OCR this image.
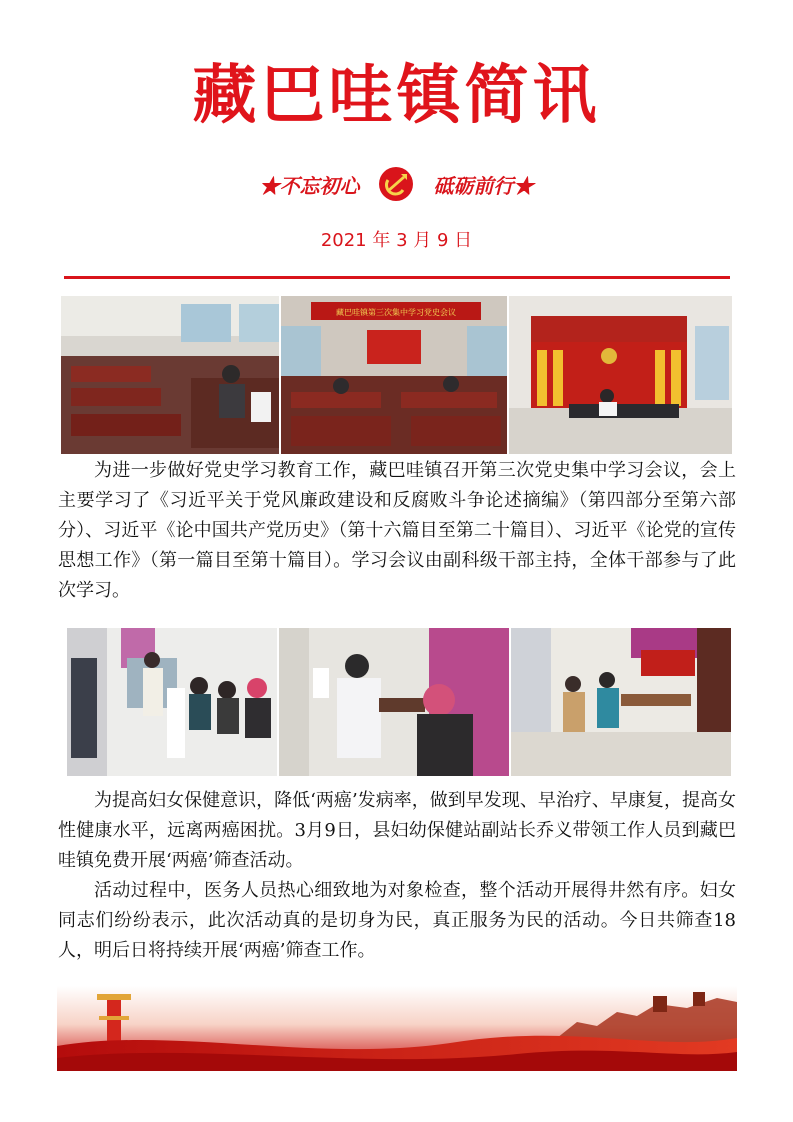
藏巴哇镇简讯
★不忘初心	砥砺前行★
2021 年 3 月 9 日
藏巴哇镇第三次集中学习党史会议

为进一步做好党史学习教育工作，藏巴哇镇召开第三次党史集中学习会议，会上主要学习了《习近平关于党风廉政建设和反腐败斗争论述摘编》（第四部分至第六部分）、习近平《论中国共产党历史》（第十六篇目至第二十篇目）、习近平《论党的宣传思想工作》（第一篇目至第十篇目）。学习会议由副科级干部主持，全体干部参与了此次学习。

为提高妇女保健意识，降低‘两癌’发病率，做到早发现、早治疗、早康复，提高女性健康水平，远离两癌困扰。3月9日，县妇幼保健站副站长乔义带领工作人员到藏巴哇镇免费开展‘两癌’筛查活动。

活动过程中，医务人员热心细致地为对象检查，整个活动开展得井然有序。妇女同志们纷纷表示，此次活动真的是切身为民，真正服务为民的活动。今日共筛查18人，明后日将持续开展‘两癌’筛查工作。
